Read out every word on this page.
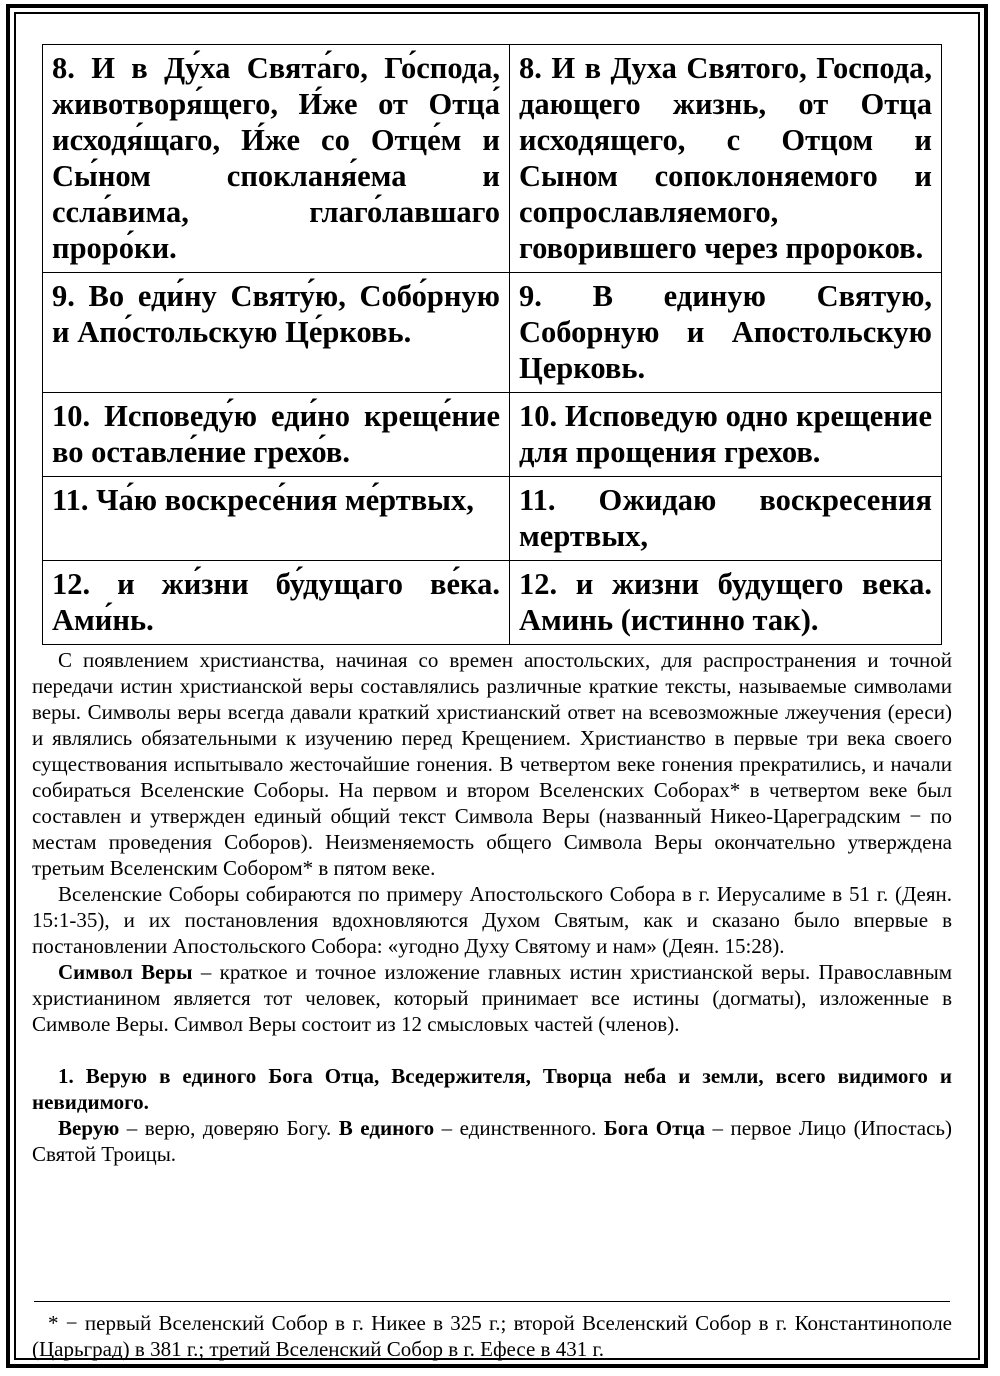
8. И в Ду́ха Свята́го, Го́спода, животворя́щего, И́же от Отца́ исходя́щаго, И́же со Отце́м и Сы́ном спокланя́ема и ссла́вима, глаго́лавшаго проро́ки.	8. И в Духа Святого, Господа, дающего жизнь, от Отца исходящего, с Отцом и Сыном сопоклоняемого и сопрославляемого, говорившего через пророков.
9. Во еди́ну Святу́ю, Собо́рную и Апо́стольскую Це́рковь.	9. В единую Святую, Соборную и Апостольскую Церковь.
10. Исповеду́ю еди́но креще́ние во оставле́ние грехо́в.	10. Исповедую одно крещение для прощения грехов.
11. Ча́ю воскресе́ния ме́ртвых,	11. Ожидаю воскресения мертвых,
12. и жи́зни бу́дущаго ве́ка. Ами́нь.	12. и жизни будущего века. Аминь (истинно так).

С появлением христианства, начиная со времен апостольских, для распространения и точной передачи истин христианской веры составлялись различные краткие тексты, называемые символами веры. Символы веры всегда давали краткий христианский ответ на всевозможные лжеучения (ереси) и являлись обязательными к изучению перед Крещением. Христианство в первые три века своего существования испытывало жесточайшие гонения. В четвертом веке гонения прекратились, и начали собираться Вселенские Соборы. На первом и втором Вселенских Соборах* в четвертом веке был составлен и утвержден единый общий текст Символа Веры (названный Никео-Цареградским − по местам проведения Соборов). Неизменяемость общего Символа Веры окончательно утверждена третьим Вселенским Собором* в пятом веке.

Вселенские Соборы собираются по примеру Апостольского Собора в г. Иерусалиме в 51 г. (Деян. 15:1-35), и их постановления вдохновляются Духом Святым, как и сказано было впервые в постановлении Апостольского Собора: «угодно Духу Святому и нам» (Деян. 15:28).

Символ Веры – краткое и точное изложение главных истин христианской веры. Православным христианином является тот человек, который принимает все истины (догматы), изложенные в Символе Веры. Символ Веры состоит из 12 смысловых частей (членов).

1. Верую в единого Бога Отца, Вседержителя, Творца неба и земли, всего видимого и невидимого.

Верую – верю, доверяю Богу. В единого – единственного. Бога Отца – первое Лицо (Ипостась) Святой Троицы.

* − первый Вселенский Собор в г. Никее в 325 г.; второй Вселенский Собор в г. Константинополе (Царьград) в 381 г.; третий Вселенский Собор в г. Ефесе в 431 г.
